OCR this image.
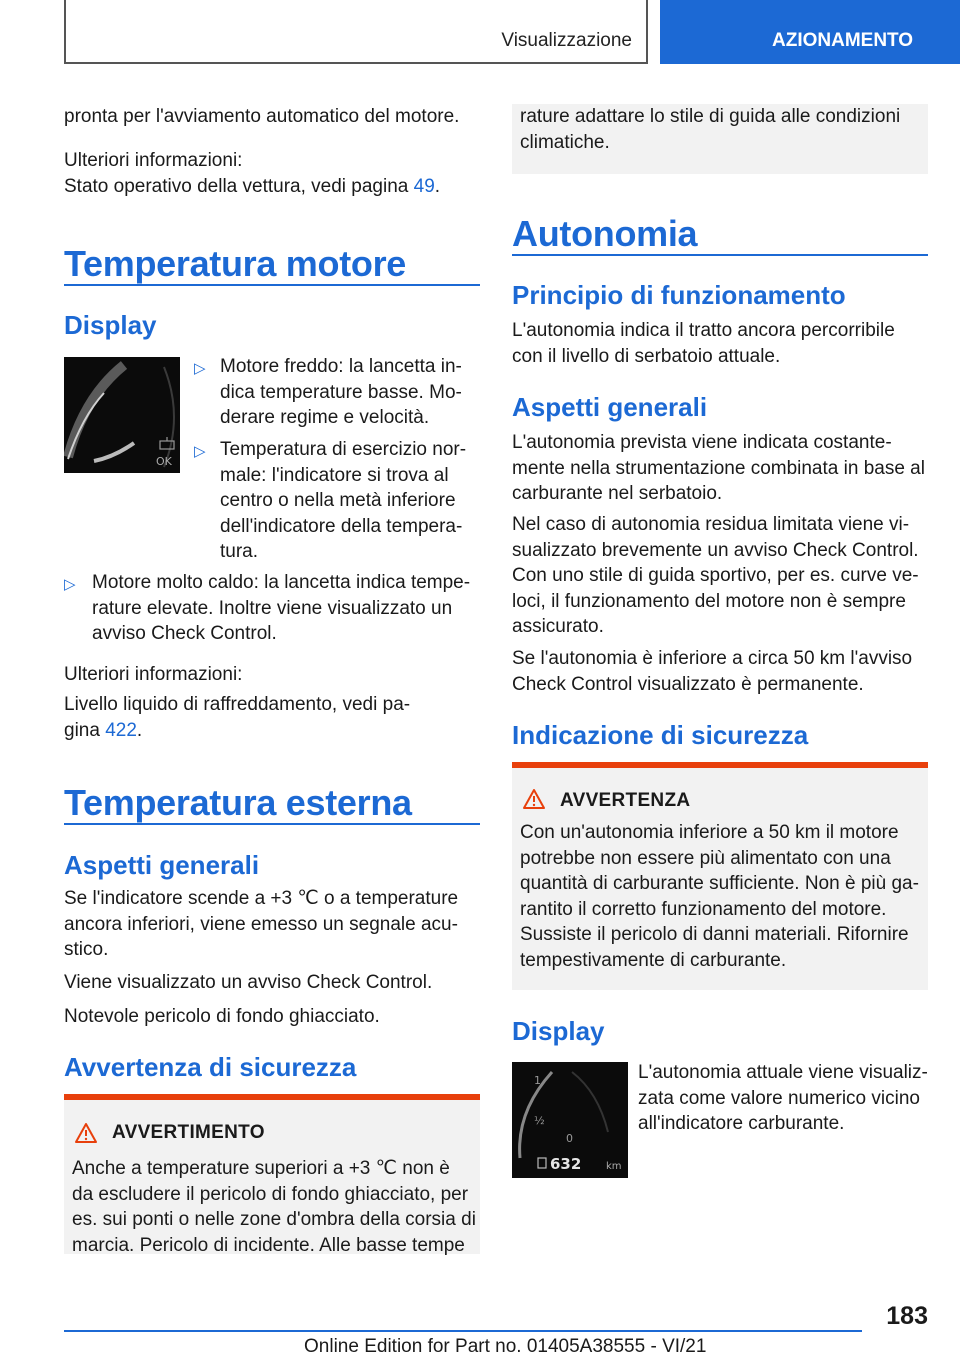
Visualizzazione	AZIONAMENTO

pronta per l'avviamento automatico del motore.

Ulteriori informazioni:

Stato operativo della vettura, vedi pagina 49.

Temperatura motore
Display
OK
▷ Motore freddo: la lancetta indica temperature basse. Moderare regime e velocità.
▷ Temperatura di esercizio normale: l'indicatore si trova al centro o nella metà inferiore dell'indicatore della temperatura.
▷ Motore molto caldo: la lancetta indica temperature elevate. Inoltre viene visualizzato un avviso Check Control.

Ulteriori informazioni:

Livello liquido di raffreddamento, vedi pagina 422.

Temperatura esterna
Aspetti generali

Se l'indicatore scende a +3 ℃ o a temperature ancora inferiori, viene emesso un segnale acustico.

Viene visualizzato un avviso Check Control.

Notevole pericolo di fondo ghiacciato.

Avvertenza di sicurezza
AVVERTIMENTO

Anche a temperature superiori a +3 ℃ non è da escludere il pericolo di fondo ghiacciato, per es. sui ponti o nelle zone d'ombra della corsia di marcia. Pericolo di incidente. Alle basse tempe

rature adattare lo stile di guida alle condizioni climatiche.

Autonomia
Principio di funzionamento

L'autonomia indica il tratto ancora percorribile con il livello di serbatoio attuale.

Aspetti generali

L'autonomia prevista viene indicata costantemente nella strumentazione combinata in base al carburante nel serbatoio.

Nel caso di autonomia residua limitata viene visualizzato brevemente un avviso Check Control. Con uno stile di guida sportivo, per es. curve veloci, il funzionamento del motore non è sempre assicurato.

Se l'autonomia è inferiore a circa 50 km l'avviso Check Control visualizzato è permanente.

Indicazione di sicurezza
AVVERTENZA

Con un'autonomia inferiore a 50 km il motore potrebbe non essere più alimentato con una quantità di carburante sufficiente. Non è più garantito il corretto funzionamento del motore. Sussiste il pericolo di danni materiali. Rifornire tempestivamente di carburante.

Display
1
½
0
632 km

L'autonomia attuale viene visualizzata come valore numerico vicino all'indicatore carburante.

183
Online Edition for Part no. 01405A38555 - VI/21
